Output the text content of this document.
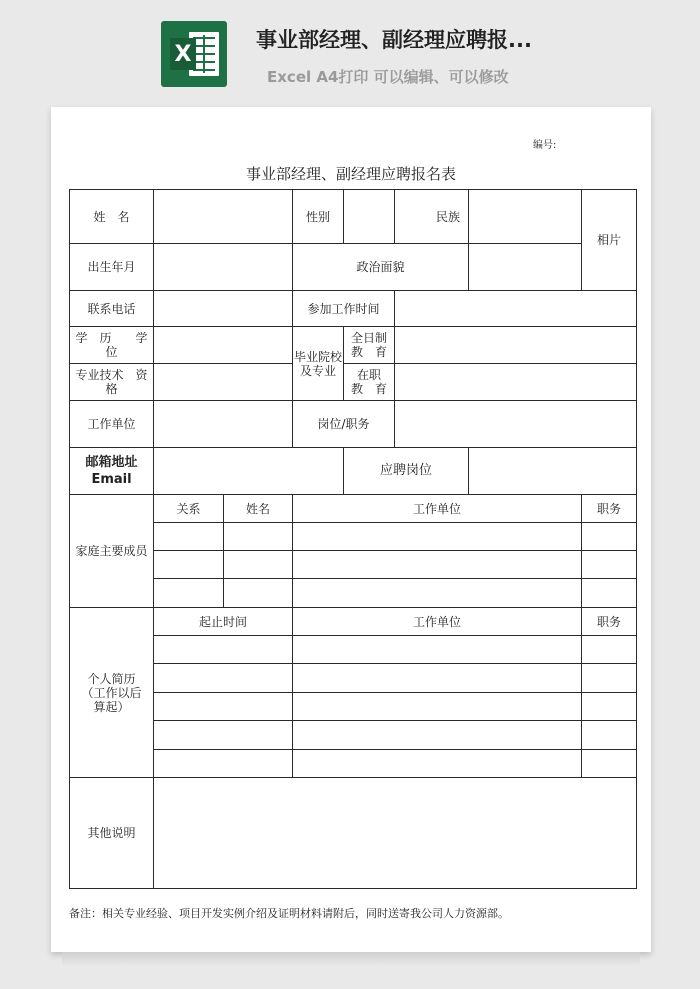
X
事业部经理、副经理应聘报...
Excel A4打印 可以编辑、可以修改
编号:
事业部经理、副经理应聘报名表
姓　名			性别		民族		相片
出生年月			政治面貌				
联系电话			参加工作时间				
学　历　　学　位			毕业院校及专业	全日制　教　育			
专业技术　资　格				在职　　教　育			
工作单位			岗位/职务				
邮箱地址
Email				应聘岗位			
家庭主要成员	关系	姓名	工作单位				职务

个人简历（工作以后算起）	起止时间		工作单位				职务

其他说明							
备注：相关专业经验、项目开发实例介绍及证明材料请附后，同时送寄我公司人力资源部。
